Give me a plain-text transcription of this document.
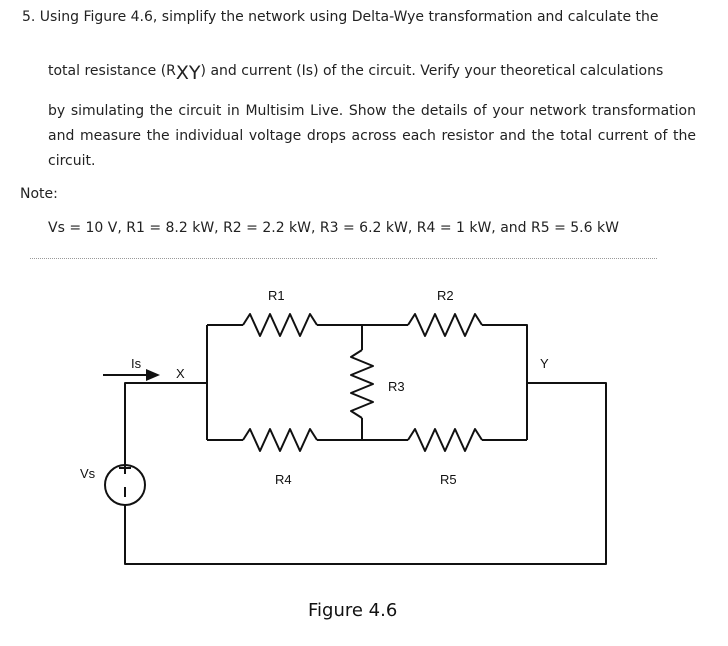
5. Using Figure 4.6, simplify the network using Delta-Wye transformation and calculate the
total resistance (RXY) and current (Is) of the circuit. Verify your theoretical calculations
by simulating the circuit in Multisim Live. Show the details of your network transformation and measure the individual voltage drops across each resistor and the total current of the circuit.
Note:
Vs = 10 V, R1 = 8.2 kW, R2 = 2.2 kW, R3 = 6.2 kW, R4 = 1 kW, and R5 = 5.6 kW
R1	R2
R3
R4	R5
Is
X
Y
Vs
Figure 4.6
